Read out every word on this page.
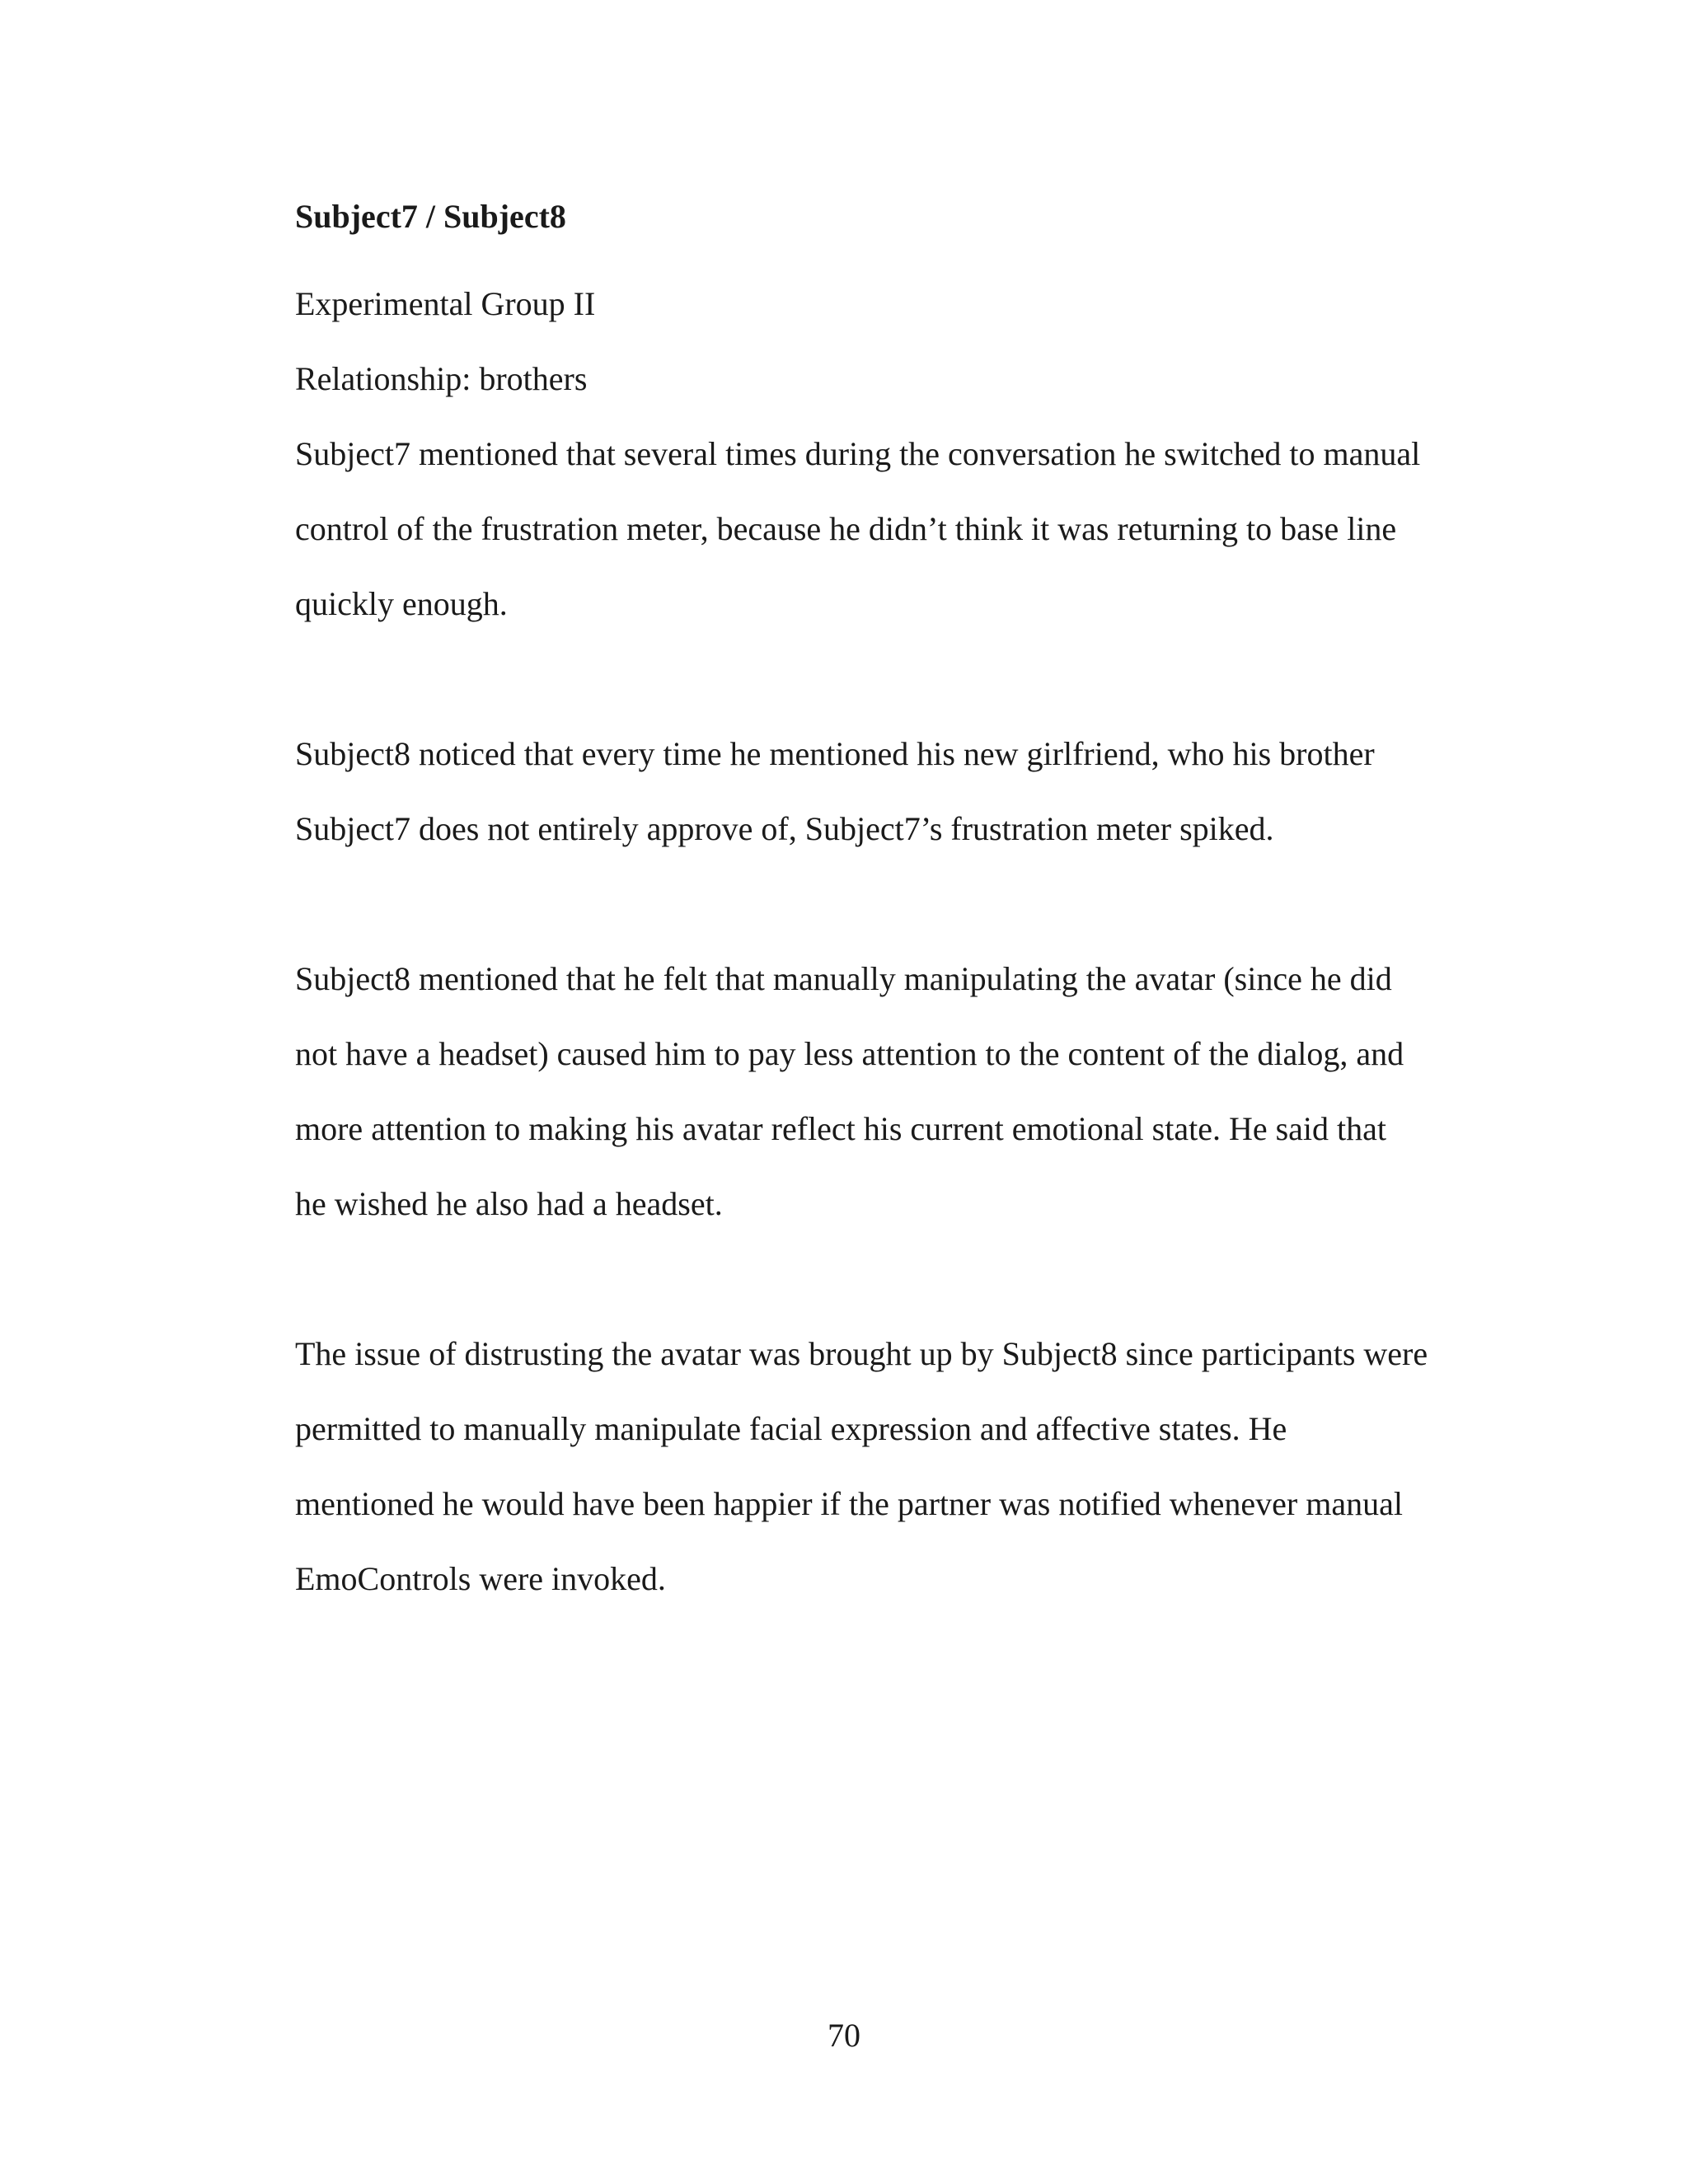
Subject7 / Subject8

Experimental Group II

Relationship: brothers

Subject7 mentioned that several times during the conversation he switched to manual

control of the frustration meter, because he didn’t think it was returning to base line

quickly enough.

Subject8 noticed that every time he mentioned his new girlfriend, who his brother

Subject7 does not entirely approve of, Subject7’s frustration meter spiked.

Subject8 mentioned that he felt that manually manipulating the avatar (since he did

not have a headset) caused him to pay less attention to the content of the dialog, and

more attention to making his avatar reflect his current emotional state. He said that

he wished he also had a headset.

The issue of distrusting the avatar was brought up by Subject8 since participants were

permitted to manually manipulate facial expression and affective states. He

mentioned he would have been happier if the partner was notified whenever manual

EmoControls were invoked.

70
